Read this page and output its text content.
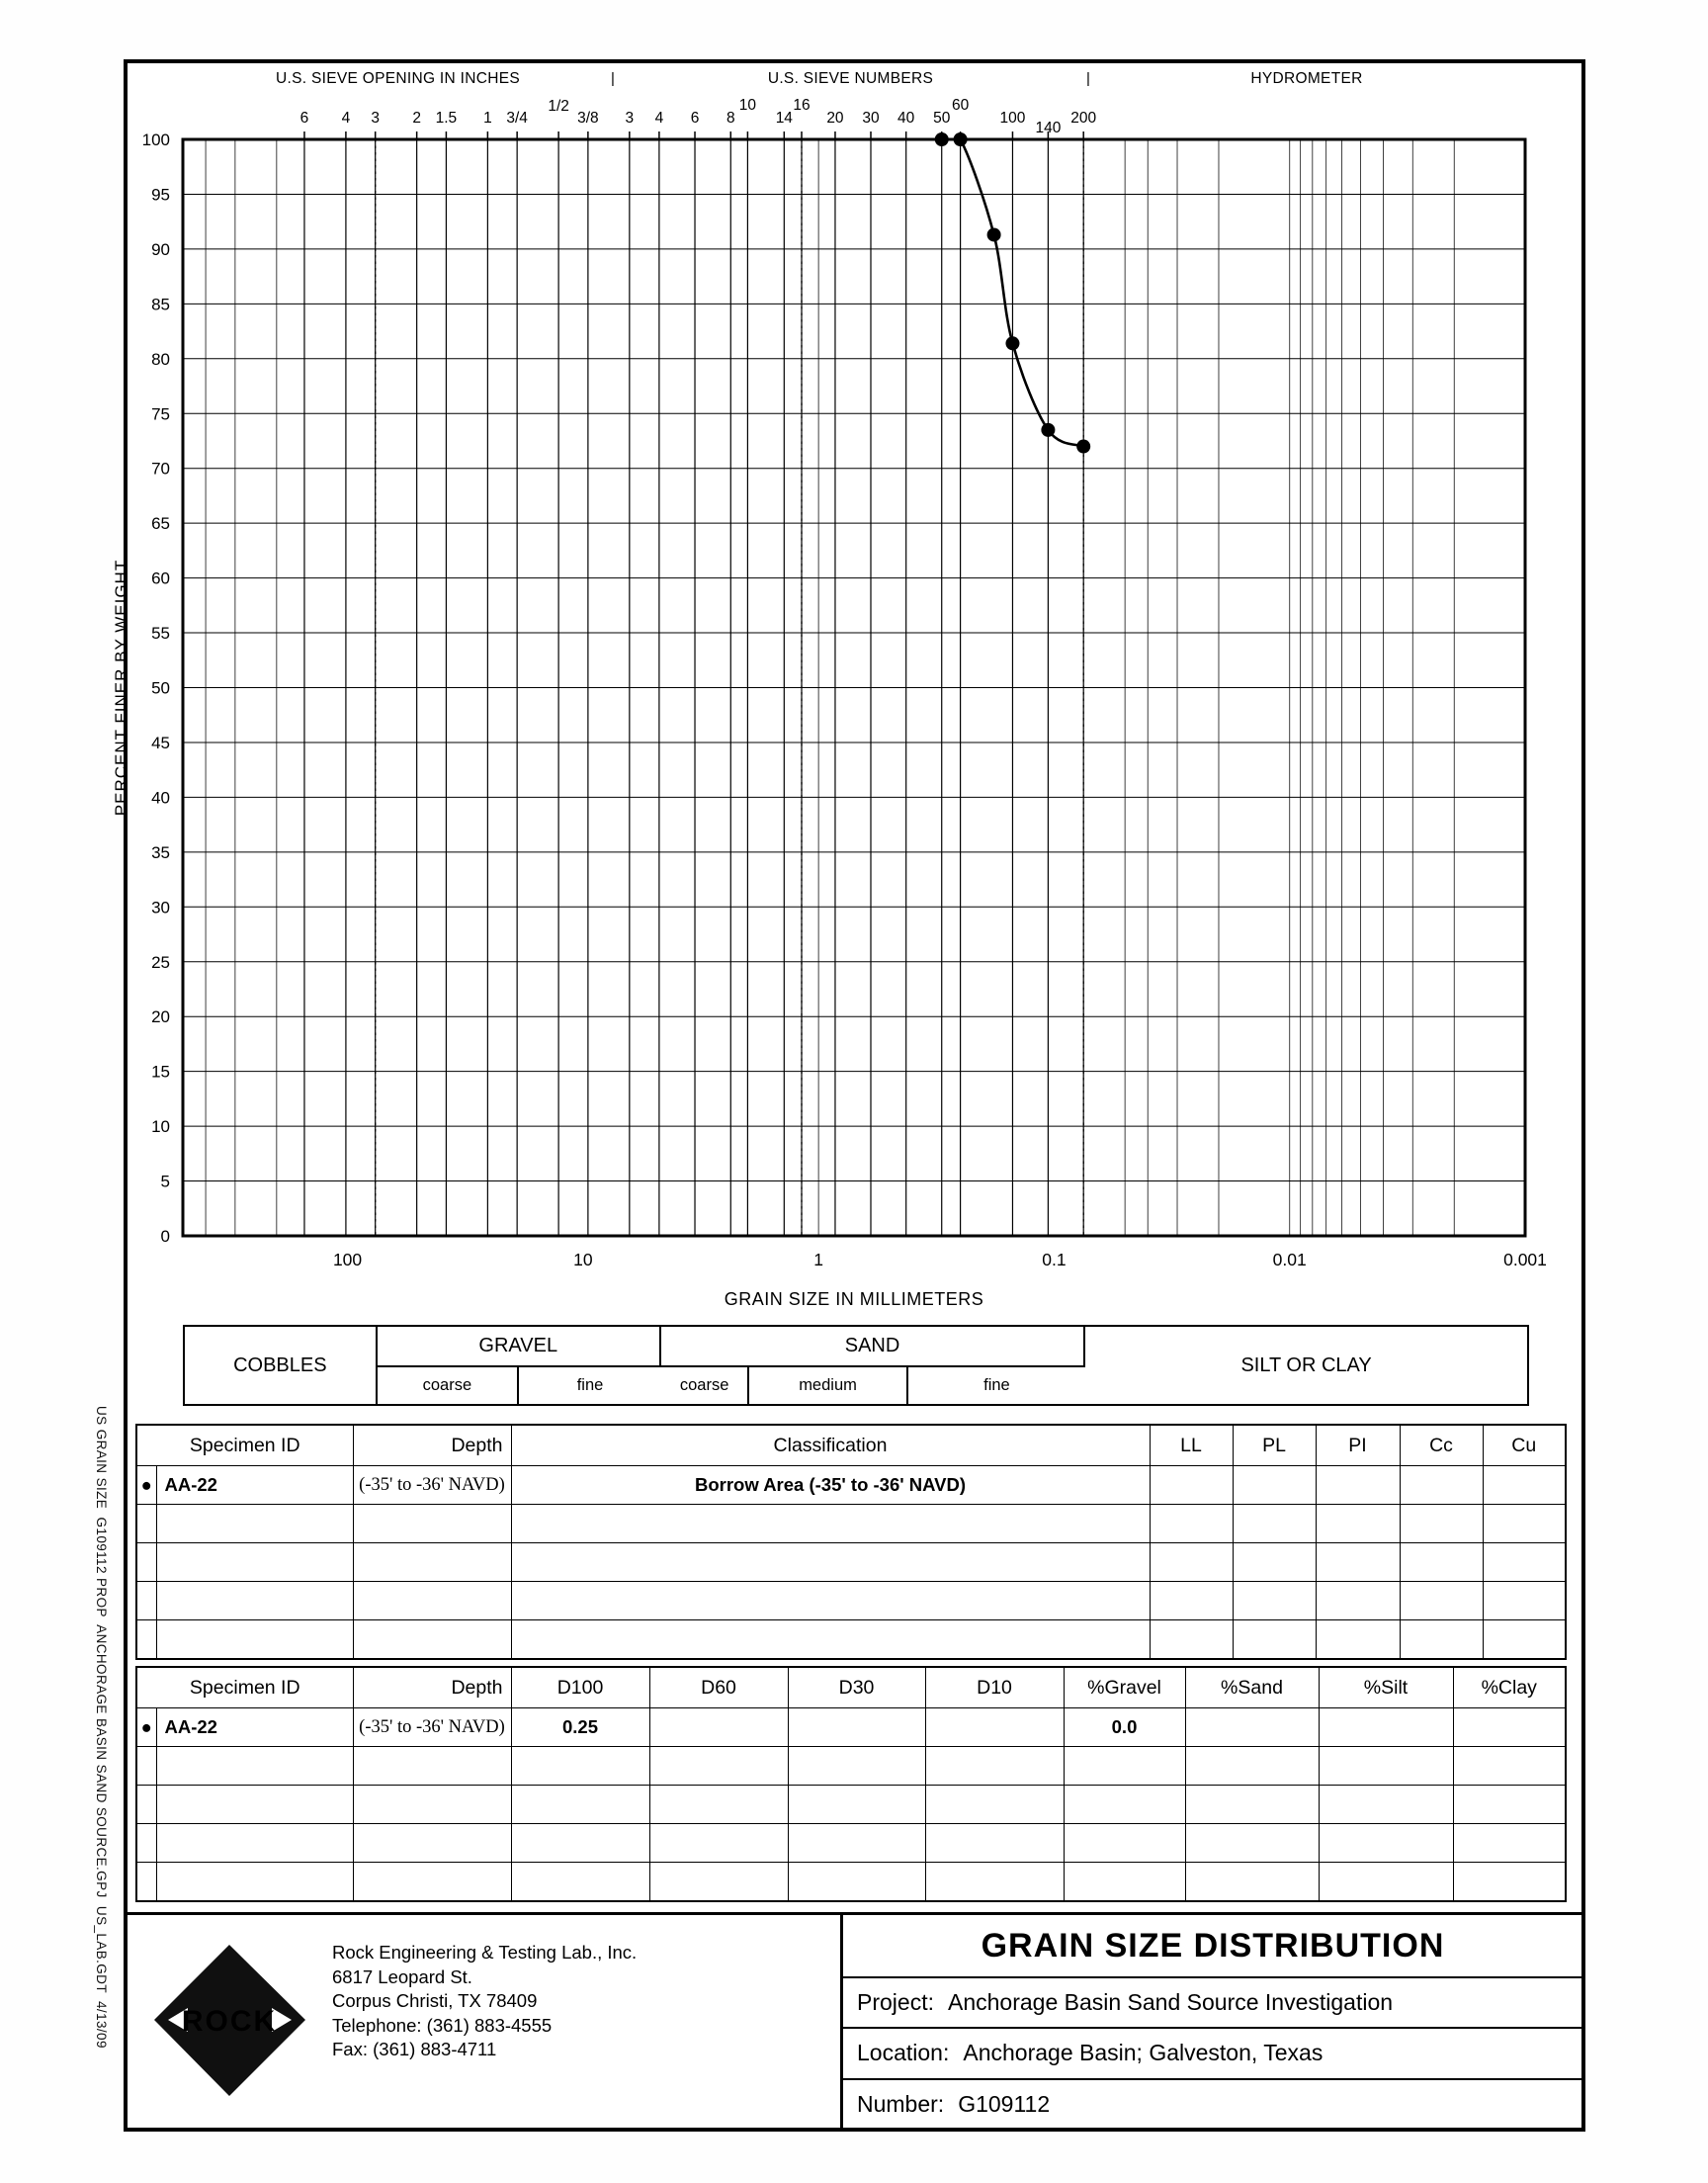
US GRAIN SIZE  G109112 PROP  ANCHORAGE BASIN SAND SOURCE.GPJ  US_LAB.GDT  4/13/09
0
5
10
15
20
25
30
35
40
45
50
55
60
65
70
75
80
85
90
95
100
PERCENT FINER BY WEIGHT
100	10	1	0.1	0.01	0.001
GRAIN SIZE IN MILLIMETERS
6 4 3 2 1.5 1 3/4
1/2
3/8 3 4 6 8
10
14
16
20 30 40 50
60
100
140
200
U.S. SIEVE OPENING IN INCHES	U.S. SIEVE NUMBERS	HYDROMETER
|	|
COBBLES
GRAVEL
coarse	fine
SAND
coarse	medium	fine
SILT OR CLAY
Specimen ID		Depth	Classification	LL	PL	PI	Cc	Cu
●	AA-22	(-35' to -36' NAVD)	Borrow Area (-35' to -36' NAVD)					

Specimen ID		Depth	D100	D60	D30	D10	%Gravel	%Sand	%Silt	%Clay
●	AA-22	(-35' to -36' NAVD)	0.25				0.0			

ROCK
Rock Engineering & Testing Lab., Inc.
6817 Leopard St.
Corpus Christi, TX 78409
Telephone: (361) 883-4555
Fax: (361) 883-4711
GRAIN SIZE DISTRIBUTION
Project: Anchorage Basin Sand Source Investigation
Location: Anchorage Basin; Galveston, Texas
Number: G109112
